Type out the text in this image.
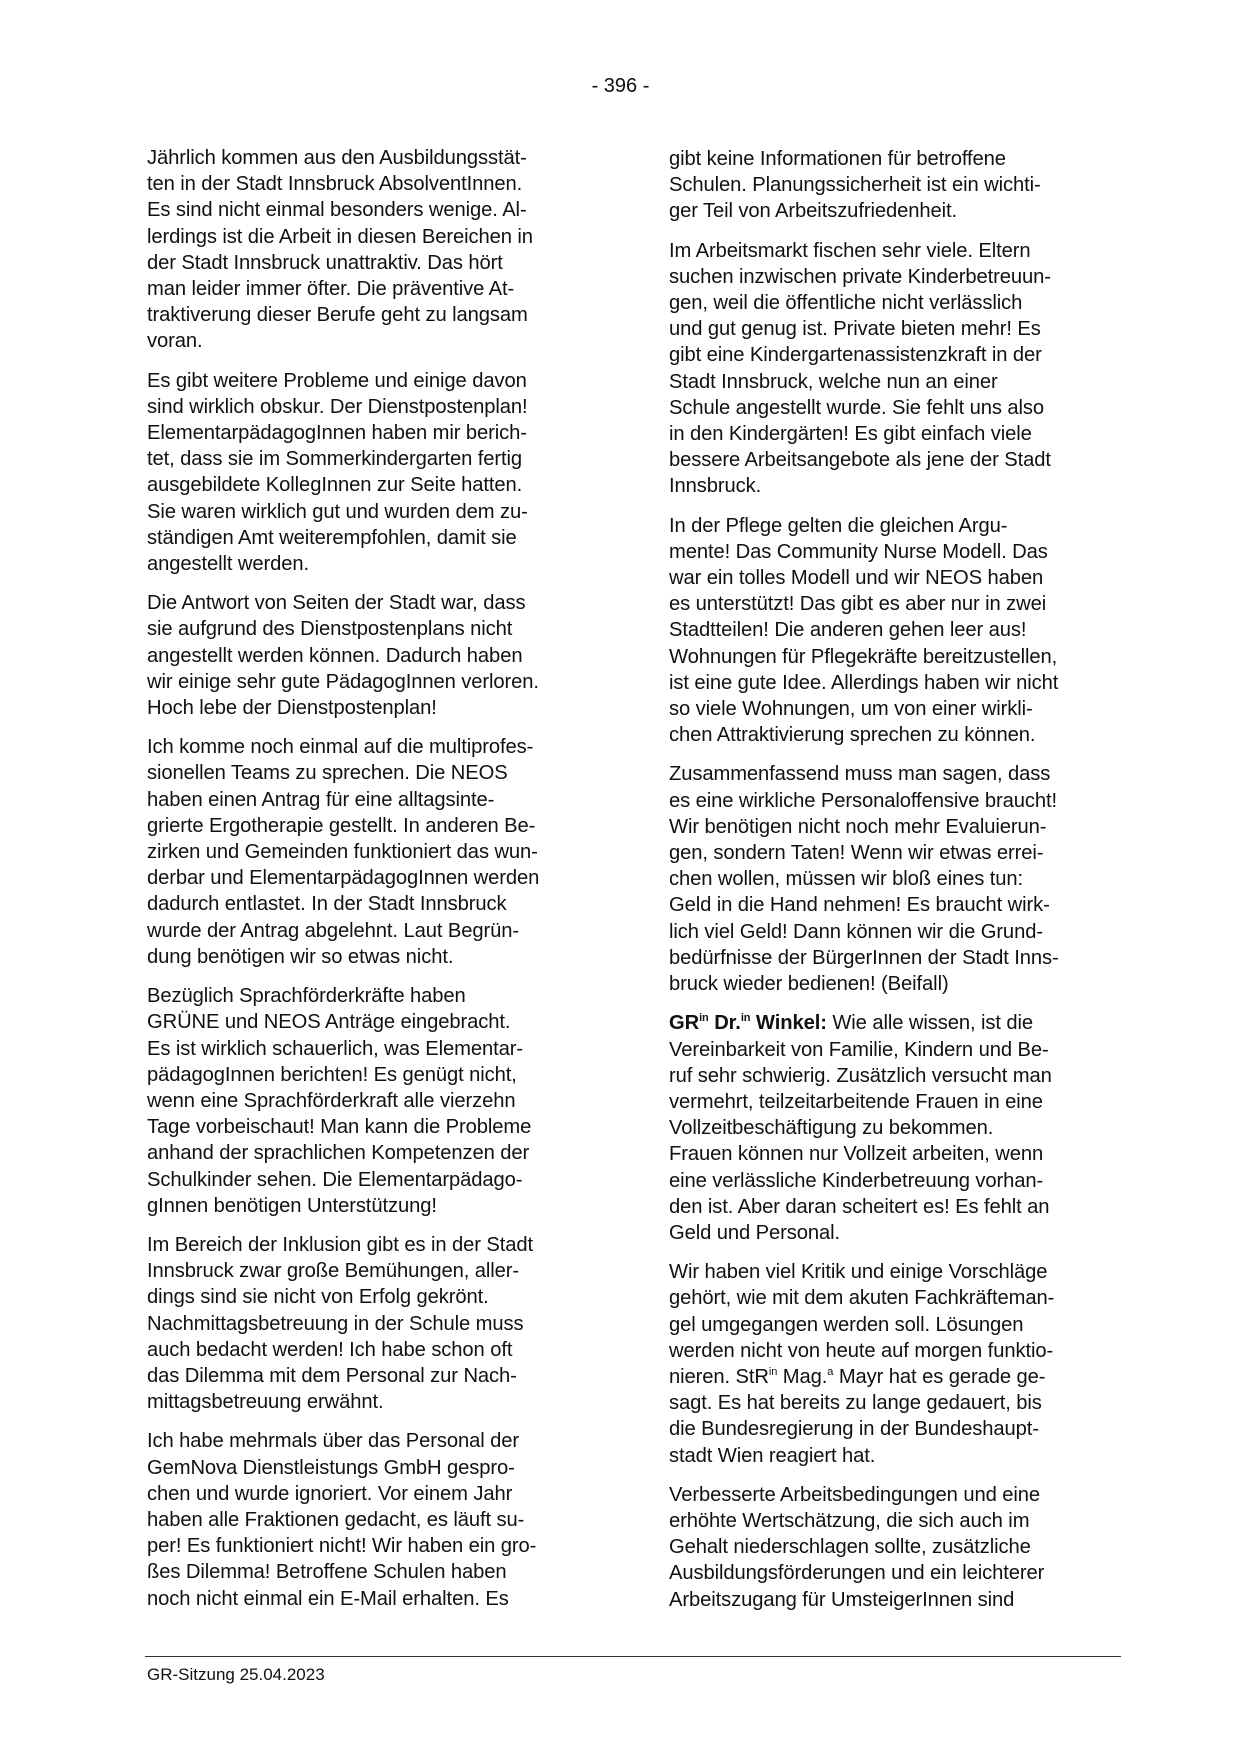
- 396 -

Jährlich kommen aus den Ausbildungsstät-
ten in der Stadt Innsbruck AbsolventInnen.
Es sind nicht einmal besonders wenige. Al-
lerdings ist die Arbeit in diesen Bereichen in
der Stadt Innsbruck unattraktiv. Das hört
man leider immer öfter. Die präventive At-
traktiverung dieser Berufe geht zu langsam
voran.

Es gibt weitere Probleme und einige davon
sind wirklich obskur. Der Dienstpostenplan!
ElementarpädagogInnen haben mir berich-
tet, dass sie im Sommerkindergarten fertig
ausgebildete KollegInnen zur Seite hatten.
Sie waren wirklich gut und wurden dem zu-
ständigen Amt weiterempfohlen, damit sie
angestellt werden.

Die Antwort von Seiten der Stadt war, dass
sie aufgrund des Dienstpostenplans nicht
angestellt werden können. Dadurch haben
wir einige sehr gute PädagogInnen verloren.
Hoch lebe der Dienstpostenplan!

Ich komme noch einmal auf die multiprofes-
sionellen Teams zu sprechen. Die NEOS
haben einen Antrag für eine alltagsinte-
grierte Ergotherapie gestellt. In anderen Be-
zirken und Gemeinden funktioniert das wun-
derbar und ElementarpädagogInnen werden
dadurch entlastet. In der Stadt Innsbruck
wurde der Antrag abgelehnt. Laut Begrün-
dung benötigen wir so etwas nicht.

Bezüglich Sprachförderkräfte haben
GRÜNE und NEOS Anträge eingebracht.
Es ist wirklich schauerlich, was Elementar-
pädagogInnen berichten! Es genügt nicht,
wenn eine Sprachförderkraft alle vierzehn
Tage vorbeischaut! Man kann die Probleme
anhand der sprachlichen Kompetenzen der
Schulkinder sehen. Die Elementarpädago-
gInnen benötigen Unterstützung!

Im Bereich der Inklusion gibt es in der Stadt
Innsbruck zwar große Bemühungen, aller-
dings sind sie nicht von Erfolg gekrönt.
Nachmittagsbetreuung in der Schule muss
auch bedacht werden! Ich habe schon oft
das Dilemma mit dem Personal zur Nach-
mittagsbetreuung erwähnt.

Ich habe mehrmals über das Personal der
GemNova Dienstleistungs GmbH gespro-
chen und wurde ignoriert. Vor einem Jahr
haben alle Fraktionen gedacht, es läuft su-
per! Es funktioniert nicht! Wir haben ein gro-
ßes Dilemma! Betroffene Schulen haben
noch nicht einmal ein E-Mail erhalten. Es

gibt keine Informationen für betroffene
Schulen. Planungssicherheit ist ein wichti-
ger Teil von Arbeitszufriedenheit.

Im Arbeitsmarkt fischen sehr viele. Eltern
suchen inzwischen private Kinderbetreuun-
gen, weil die öffentliche nicht verlässlich
und gut genug ist. Private bieten mehr! Es
gibt eine Kindergartenassistenzkraft in der
Stadt Innsbruck, welche nun an einer
Schule angestellt wurde. Sie fehlt uns also
in den Kindergärten! Es gibt einfach viele
bessere Arbeitsangebote als jene der Stadt
Innsbruck.

In der Pflege gelten die gleichen Argu-
mente! Das Community Nurse Modell. Das
war ein tolles Modell und wir NEOS haben
es unterstützt! Das gibt es aber nur in zwei
Stadtteilen! Die anderen gehen leer aus!
Wohnungen für Pflegekräfte bereitzustellen,
ist eine gute Idee. Allerdings haben wir nicht
so viele Wohnungen, um von einer wirkli-
chen Attraktivierung sprechen zu können.

Zusammenfassend muss man sagen, dass
es eine wirkliche Personaloffensive braucht!
Wir benötigen nicht noch mehr Evaluierun-
gen, sondern Taten! Wenn wir etwas errei-
chen wollen, müssen wir bloß eines tun:
Geld in die Hand nehmen! Es braucht wirk-
lich viel Geld! Dann können wir die Grund-
bedürfnisse der BürgerInnen der Stadt Inns-
bruck wieder bedienen! (Beifall)

$GR^{in}$ Dr.$^{in}$ Winkel: Wie alle wissen, ist die
Vereinbarkeit von Familie, Kindern und Be-
ruf sehr schwierig. Zusätzlich versucht man
vermehrt, teilzeitarbeitende Frauen in eine
Vollzeitbeschäftigung zu bekommen.
Frauen können nur Vollzeit arbeiten, wenn
eine verlässliche Kinderbetreuung vorhan-
den ist. Aber daran scheitert es! Es fehlt an
Geld und Personal.

Wir haben viel Kritik und einige Vorschläge
gehört, wie mit dem akuten Fachkräfteman-
gel umgegangen werden soll. Lösungen
werden nicht von heute auf morgen funktio-
nieren. StR$^{in}$ Mag.$^a$ Mayr hat es gerade ge-
sagt. Es hat bereits zu lange gedauert, bis
die Bundesregierung in der Bundeshaupt-
stadt Wien reagiert hat.

Verbesserte Arbeitsbedingungen und eine
erhöhte Wertschätzung, die sich auch im
Gehalt niederschlagen sollte, zusätzliche
Ausbildungsförderungen und ein leichterer
Arbeitszugang für UmsteigerInnen sind

GR-Sitzung 25.04.2023
